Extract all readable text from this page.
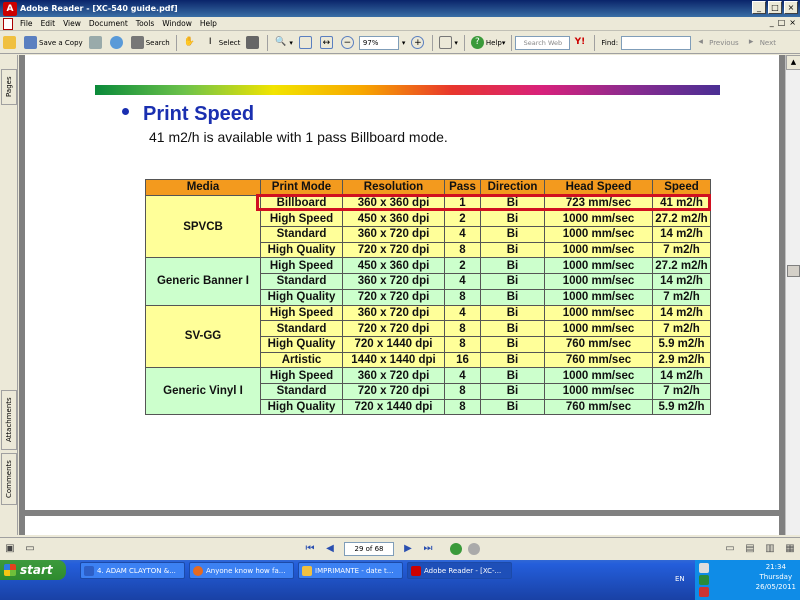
A Adobe Reader - [XC-540 guide.pdf]	_	□	×
File	Edit	View	Document	Tools	Window	Help	_ □ ×
Save a Copy	Search ✋	I	Select	🔍 ▾	↔	−	97%	▾ +	▾	? Help ▾	Search Web	Y!	Find:	◂ Previous	▸ Next
Pages
Attachments
Comments
Print Speed
41 m2/h is available with 1 pass Billboard mode.
Media	Print Mode	Resolution	Pass	Direction	Head Speed	Speed
SPVCB	Billboard	360 x 360 dpi	1	Bi	723 mm/sec	41 m2/h
	High Speed	450 x 360 dpi	2	Bi	1000 mm/sec	27.2 m2/h
	Standard	360 x 720 dpi	4	Bi	1000 mm/sec	14 m2/h
	High Quality	720 x 720 dpi	8	Bi	1000 mm/sec	7 m2/h
Generic Banner I	High Speed	450 x 360 dpi	2	Bi	1000 mm/sec	27.2 m2/h
	Standard	360 x 720 dpi	4	Bi	1000 mm/sec	14 m2/h
	High Quality	720 x 720 dpi	8	Bi	1000 mm/sec	7 m2/h
SV-GG	High Speed	360 x 720 dpi	4	Bi	1000 mm/sec	14 m2/h
	Standard	720 x 720 dpi	8	Bi	1000 mm/sec	7 m2/h
	High Quality	720 x 1440 dpi	8	Bi	760 mm/sec	5.9 m2/h
	Artistic	1440 x 1440 dpi	16	Bi	760 mm/sec	2.9 m2/h
Generic Vinyl I	High Speed	360 x 720 dpi	4	Bi	1000 mm/sec	14 m2/h
	Standard	720 x 720 dpi	8	Bi	1000 mm/sec	7 m2/h
	High Quality	720 x 1440 dpi	8	Bi	760 mm/sec	5.9 m2/h
▲
▣ ▭	⏮	◀	29 of 68	▶	⏭	▭ ▤ ▥ ▦
start	4. ADAM CLAYTON &...	Anyone know how fa...	IMPRIMANTE - date t...	Adobe Reader - [XC-...
EN
21:34
Thursday
26/05/2011
